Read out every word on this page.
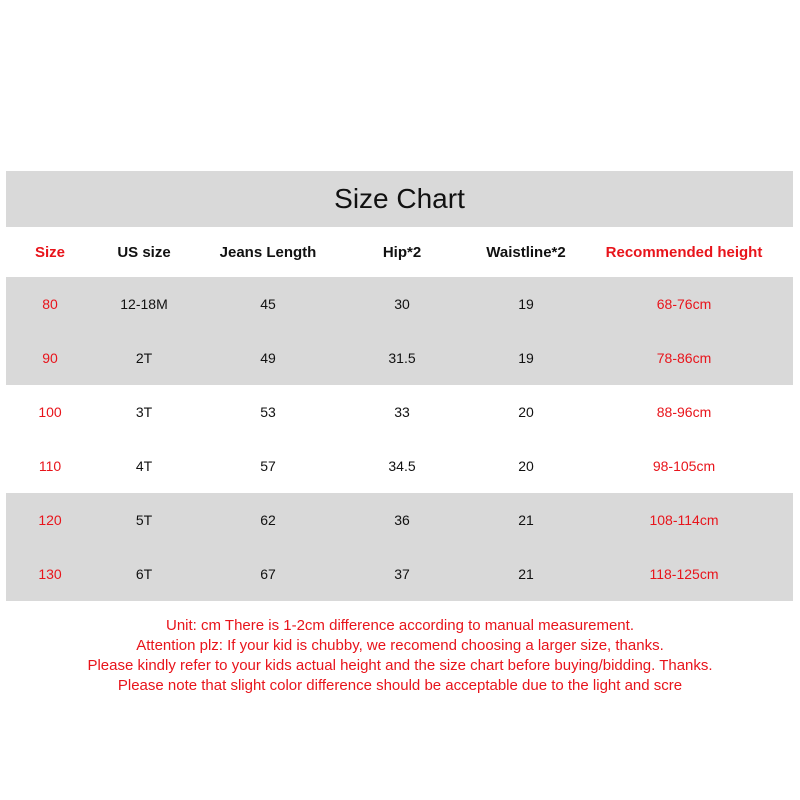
Size Chart
Size	US size	Jeans Length	Hip*2	Waistline*2	Recommended height
80	12-18M	45	30	19	68-76cm
90	2T	49	31.5	19	78-86cm
100	3T	53	33	20	88-96cm
110	4T	57	34.5	20	98-105cm
120	5T	62	36	21	108-114cm
130	6T	67	37	21	118-125cm
Unit: cm There is 1-2cm difference according to manual measurement.
Attention plz: If your kid is chubby, we recomend choosing a larger size, thanks.
Please kindly refer to your kids actual height and the size chart before buying/bidding. Thanks.
Please note that slight color difference should be acceptable due to the light and scre
